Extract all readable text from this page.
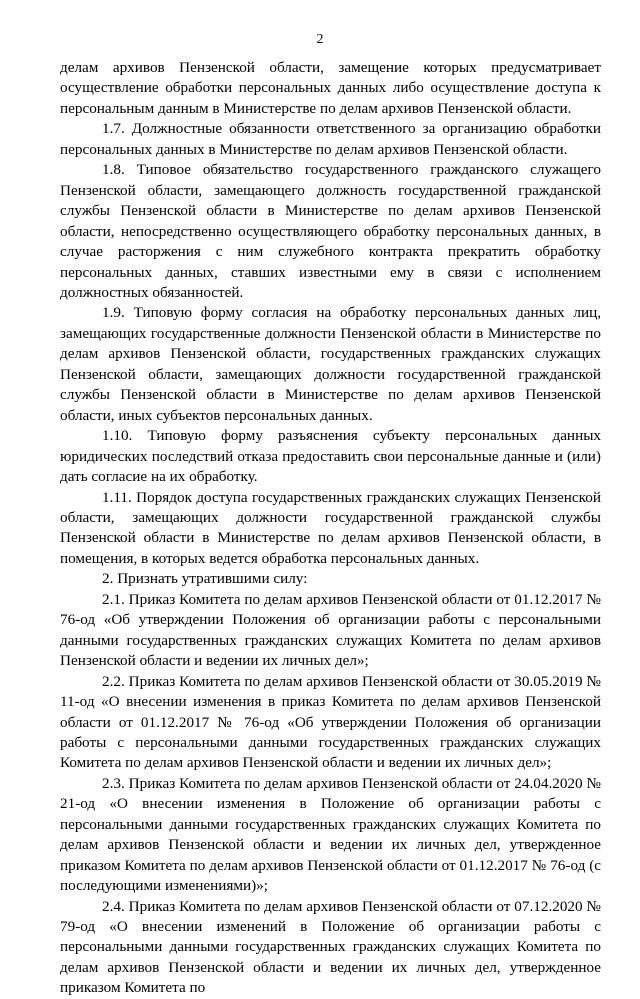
2

делам архивов Пензенской области, замещение которых предусматривает осуществление обработки персональных данных либо осуществление доступа к персональным данным в Министерстве по делам архивов Пензенской области.

1.7. Должностные обязанности ответственного за организацию обработки персональных данных в Министерстве по делам архивов Пензенской области.

1.8. Типовое обязательство государственного гражданского служащего Пензенской области, замещающего должность государственной гражданской службы Пензенской области в Министерстве по делам архивов Пензенской области, непосредственно осуществляющего обработку персональных данных, в случае расторжения с ним служебного контракта прекратить обработку персональных данных, ставших известными ему в связи с исполнением должностных обязанностей.

1.9. Типовую форму согласия на обработку персональных данных лиц, замещающих государственные должности Пензенской области в Министерстве по делам архивов Пензенской области, государственных гражданских служащих Пензенской области, замещающих должности государственной гражданской службы Пензенской области в Министерстве по делам архивов Пензенской области, иных субъектов персональных данных.

1.10. Типовую форму разъяснения субъекту персональных данных юридических последствий отказа предоставить свои персональные данные и (или) дать согласие на их обработку.

1.11. Порядок доступа государственных гражданских служащих Пензенской области, замещающих должности государственной гражданской службы Пензенской области в Министерстве по делам архивов Пензенской области, в помещения, в которых ведется обработка персональных данных.

2. Признать утратившими силу:

2.1. Приказ Комитета по делам архивов Пензенской области от 01.12.2017 № 76-од «Об утверждении Положения об организации работы с персональными данными государственных гражданских служащих Комитета по делам архивов Пензенской области и ведении их личных дел»;

2.2. Приказ Комитета по делам архивов Пензенской области от 30.05.2019 № 11-од «О внесении изменения в приказ Комитета по делам архивов Пензенской области от 01.12.2017 № 76-од «Об утверждении Положения об организации работы с персональными данными государственных гражданских служащих Комитета по делам архивов Пензенской области и ведении их личных дел»;

2.3. Приказ Комитета по делам архивов Пензенской области от 24.04.2020 № 21-од «О внесении изменения в Положение об организации работы с персональными данными государственных гражданских служащих Комитета по делам архивов Пензенской области и ведении их личных дел, утвержденное приказом Комитета по делам архивов Пензенской области от 01.12.2017 № 76-од (с последующими изменениями)»;

2.4. Приказ Комитета по делам архивов Пензенской области от 07.12.2020 № 79-од «О внесении изменений в Положение об организации работы с персональными данными государственных гражданских служащих Комитета по делам архивов Пензенской области и ведении их личных дел, утвержденное приказом Комитета по
